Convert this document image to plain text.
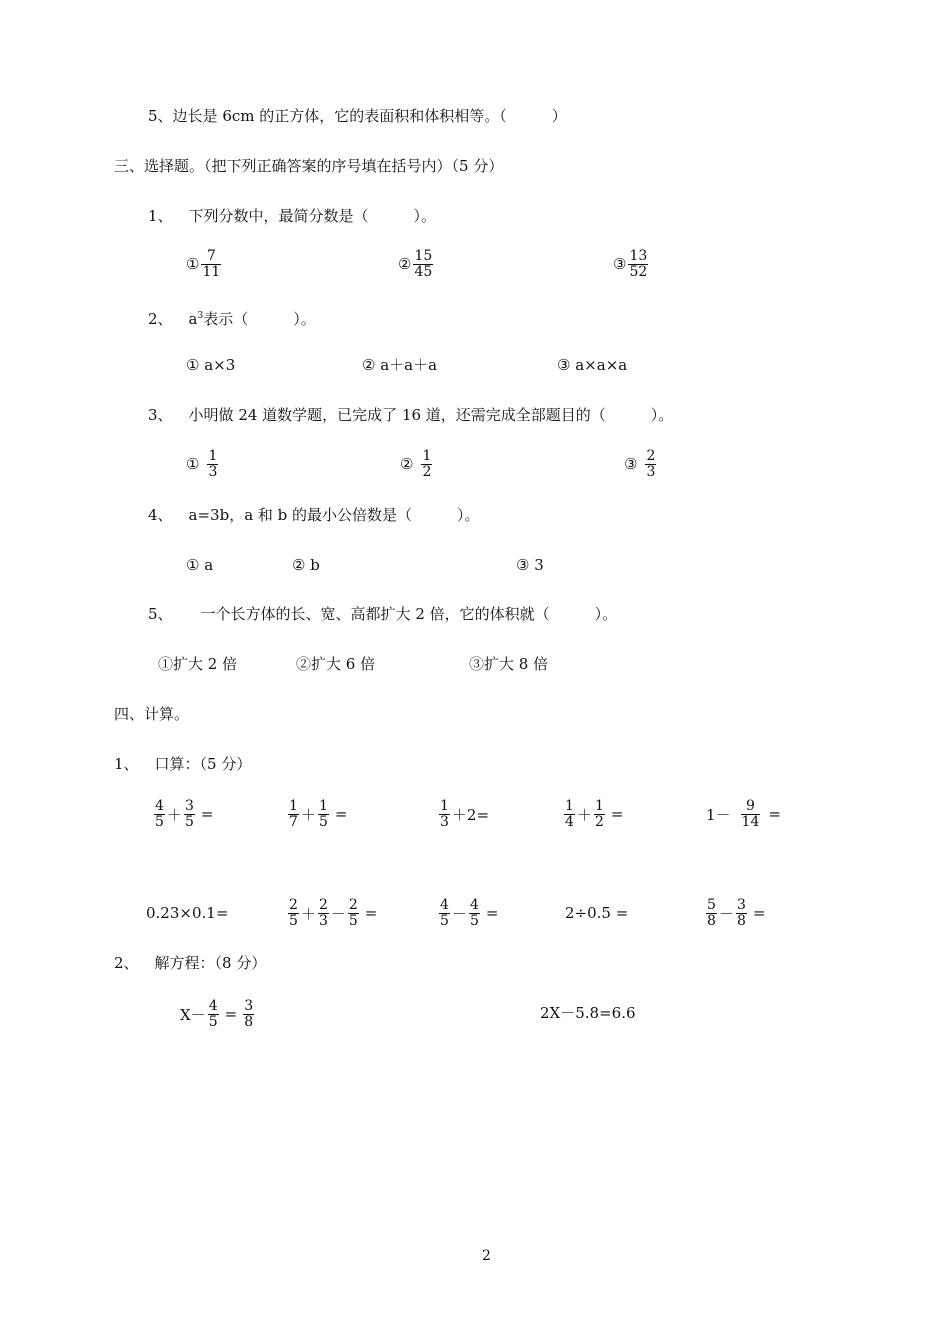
5、边长是 6cm 的正方体，它的表面积和体积相等。（　　　）
三、选择题。（把下列正确答案的序号填在括号内）（5 分）
1、 下列分数中，最简分数是（　　　）。
① $\frac{7}{11}$	② $\frac{15}{45}$	③ $\frac{13}{52}$
2、 $a^3$表示（　　　）。
① a×3	② a＋a＋a	③ a×a×a
3、 小明做 24 道数学题，已完成了 16 道，还需完成全部题目的（　　　）。
① $\frac{1}{3}$	② $\frac{1}{2}$	③ $\frac{2}{3}$
4、 a=3b，a 和 b 的最小公倍数是（　　　）。
① a	② b	③ 3
5、 一个长方体的长、宽、高都扩大 2 倍，它的体积就（　　　）。
①扩大 2 倍	②扩大 6 倍	③扩大 8 倍
四、计算。
1、 口算：（5 分）
$\frac{4}{5} + \frac{3}{5}$ =	$\frac{1}{7} + \frac{1}{5}$ =	$\frac{1}{3} +2=$	$\frac{1}{4} + \frac{1}{2}$ =	$1- \frac{9}{14}$ =
0.23×0.1=	$\frac{2}{5} + \frac{2}{3} - \frac{2}{5}$ =	$\frac{4}{5} - \frac{4}{5}$ =	2÷0.5 =	$\frac{5}{8} - \frac{3}{8}$ =
2、 解方程：（8 分）
$X- \frac{4}{5} = \frac{3}{8}$	2X－5.8=6.6
2
